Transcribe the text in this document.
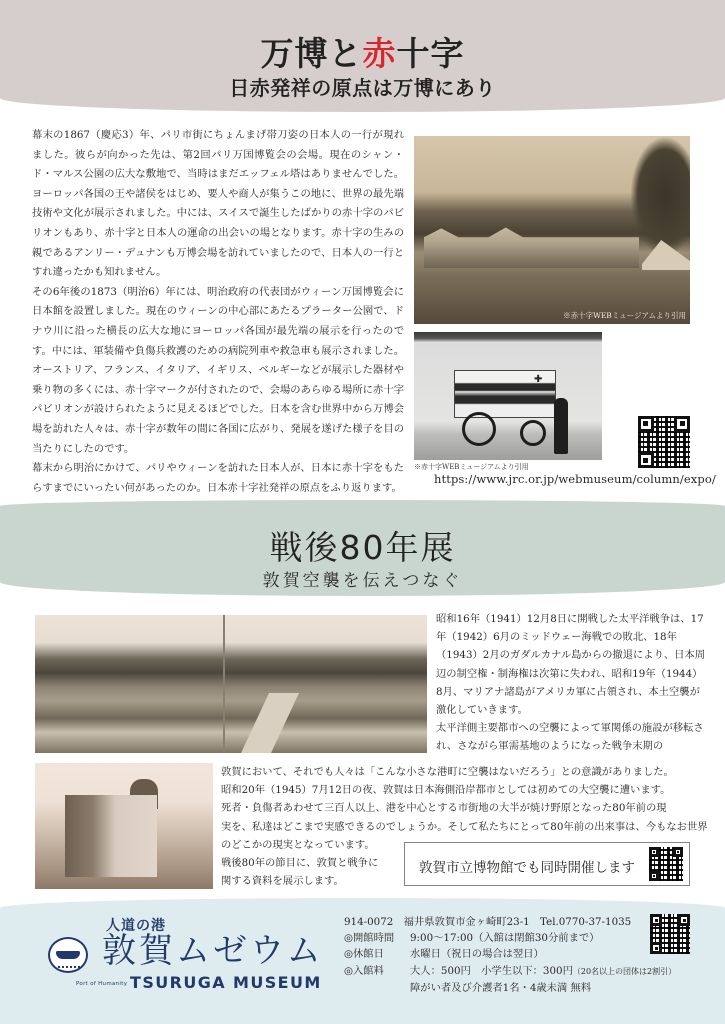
万博と赤十字
日赤発祥の原点は万博にあり

幕末の1867（慶応3）年、パリ市街にちょんまげ帯刀姿の日本人の一行が現れました。彼らが向かった先は、第2回パリ万国博覧会の会場。現在のシャン・ド・マルス公園の広大な敷地で、当時はまだエッフェル塔はありませんでした。ヨーロッパ各国の王や諸侯をはじめ、要人や商人が集うこの地に、世界の最先端技術や文化が展示されました。中には、スイスで誕生したばかりの赤十字のパビリオンもあり、赤十字と日本人の運命の出会いの場となります。赤十字の生みの親であるアンリー・デュナンも万博会場を訪れていましたので、日本人の一行とすれ違ったかも知れません。

その6年後の1873（明治6）年には、明治政府の代表団がウィーン万国博覧会に日本館を設置しました。現在のウィーンの中心部にあたるプラーター公園で、ドナウ川に沿った横長の広大な地にヨーロッパ各国が最先端の展示を行ったのです。中には、軍装備や負傷兵救護のための病院列車や救急車も展示されました。オーストリア、フランス、イタリア、イギリス、ベルギーなどが展示した器材や乗り物の多くには、赤十字マークが付されたので、会場のあらゆる場所に赤十字パビリオンが設けられたように見えるほどでした。日本を含む世界中から万博会場を訪れた人々は、赤十字が数年の間に各国に広がり、発展を遂げた様子を目の当たりにしたのです。

幕末から明治にかけて、パリやウィーンを訪れた日本人が、日本に赤十字をもたらすまでにいったい何があったのか。日本赤十字社発祥の原点をふり返ります。

※赤十字WEBミュージアムより引用
✚
※赤十字WEBミュージアムより引用
https://www.jrc.or.jp/webmuseum/column/expo/
戦後80年展
敦賀空襲を伝えつなぐ

昭和16年（1941）12月8日に開戦した太平洋戦争は、17年（1942）6月のミッドウェー海戦での敗北、18年（1943）2月のガダルカナル島からの撤退により、日本周辺の制空権・制海権は次第に失われ、昭和19年（1944）8月、マリアナ諸島がアメリカ軍に占領され、本土空襲が激化していきます。

太平洋側主要都市への空襲によって軍関係の施設が移転され、さながら軍需基地のようになった戦争末期の

敦賀において、それでも人々は「こんな小さな港町に空襲はないだろう」との意識がありました。

昭和20年（1945）7月12日の夜、敦賀は日本海側沿岸都市としては初めての大空襲に遭います。

死者・負傷者あわせて三百人以上、港を中心とする市街地の大半が焼け野原となった80年前の現

実を、私達はどこまで実感できるのでしょうか。そして私たちにとって80年前の出来事は、今もなお世界

のどこかの現実となっています。

戦後80年の節目に、敦賀と戦争に

関する資料を展示します。

敦賀市立博物館でも同時開催します
人道の港
敦賀ムゼウム
Port of Humanity TSURUGA MUSEUM
914-0072　福井県敦賀市金ヶ崎町23-1　Tel.0770-37-1035
◎開館時間 9:00～17:00（入館は閉館30分前まで）
◎休館日	水曜日（祝日の場合は翌日）
◎入館料	大人：500円　小学生以下：300円（20名以上の団体は2割引）
障がい者及び介護者1名・4歳未満 無料
